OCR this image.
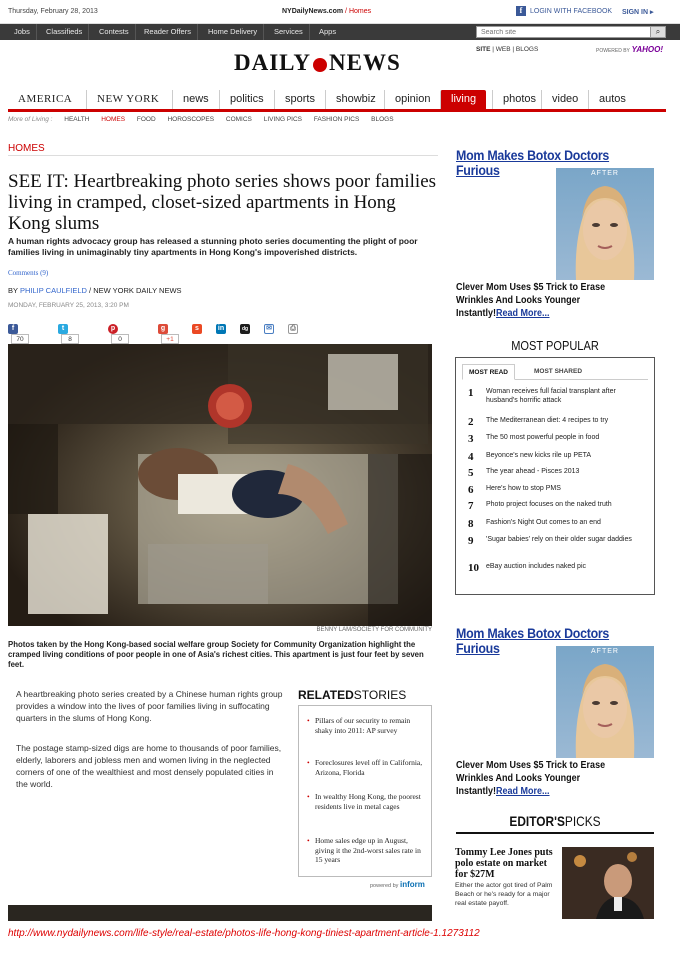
Thursday, February 28, 2013	NYDailyNews.com / Homes	f	LOGIN WITH FACEBOOK SIGN IN ▸
Jobs	Classifieds	Contests	Reader Offers	Home Delivery	Services	Apps
Search site	⌕
DAILY NEWS
SITE | WEB | BLOGS	POWERED BY YAHOO!
AMERICA	NEW YORK	news	politics	sports	showbiz	opinion	living	photos	video	autos
More of Living : HEALTH HOMES FOOD HOROSCOPES COMICS LIVING PICS FASHION PICS BLOGS
HOMES
SEE IT: Heartbreaking photo series shows poor families living in cramped, closet-sized apartments in Hong Kong slums
A human rights advocacy group has released a stunning photo series documenting the plight of poor families living in unimaginably tiny apartments in Hong Kong's impoverished districts.
Comments (9)
BY PHILIP CAULFIELD / NEW YORK DAILY NEWS
MONDAY, FEBRUARY 25, 2013, 3:20 PM
f70
t8
p0
g+1
s	in	dg	✉	⎙
BENNY LAM/SOCIETY FOR COMMUNITY
Photos taken by the Hong Kong-based social welfare group Society for Community Organization highlight the cramped living conditions of poor people in one of Asia's richest cities. This apartment is just four feet by seven feet.

A heartbreaking photo series created by a Chinese human rights group provides a window into the lives of poor families living in suffocating quarters in the slums of Hong Kong.

The postage stamp-sized digs are home to thousands of poor families, elderly, laborers and jobless men and women living in the neglected corners of one of the wealthiest and most densely populated cities in the world.

RELATEDSTORIES
• Pillars of our security to remain shaky into 2011: AP survey
• Foreclosures level off in California, Arizona, Florida
• In wealthy Hong Kong, the poorest residents live in metal cages
• Home sales edge up in August, giving it the 2nd-worst sales rate in 15 years
powered by inform
http://www.nydailynews.com/life-style/real-estate/photos-life-hong-kong-tiniest-apartment-article-1.1273112
Mom Makes Botox Doctors Furious	AFTER
Clever Mom Uses $5 Trick to Erase Wrinkles And Looks Younger Instantly!Read More...
MOST POPULAR
MOST READ	MOST SHARED
1 Woman receives full facial transplant after husband's horrific attack
2 The Mediterranean diet: 4 recipes to try
3 The 50 most powerful people in food
4 Beyonce's new kicks rile up PETA
5 The year ahead - Pisces 2013
6 Here's how to stop PMS
7 Photo project focuses on the naked truth
8 Fashion's Night Out comes to an end
9 'Sugar babies' rely on their older sugar daddies
10 eBay auction includes naked pic
Mom Makes Botox Doctors Furious	AFTER
Clever Mom Uses $5 Trick to Erase Wrinkles And Looks Younger Instantly!Read More...
EDITOR'SPICKS
Tommy Lee Jones puts polo estate on market for $27M
Either the actor got tired of Palm Beach or he's ready for a major real estate payoff.
